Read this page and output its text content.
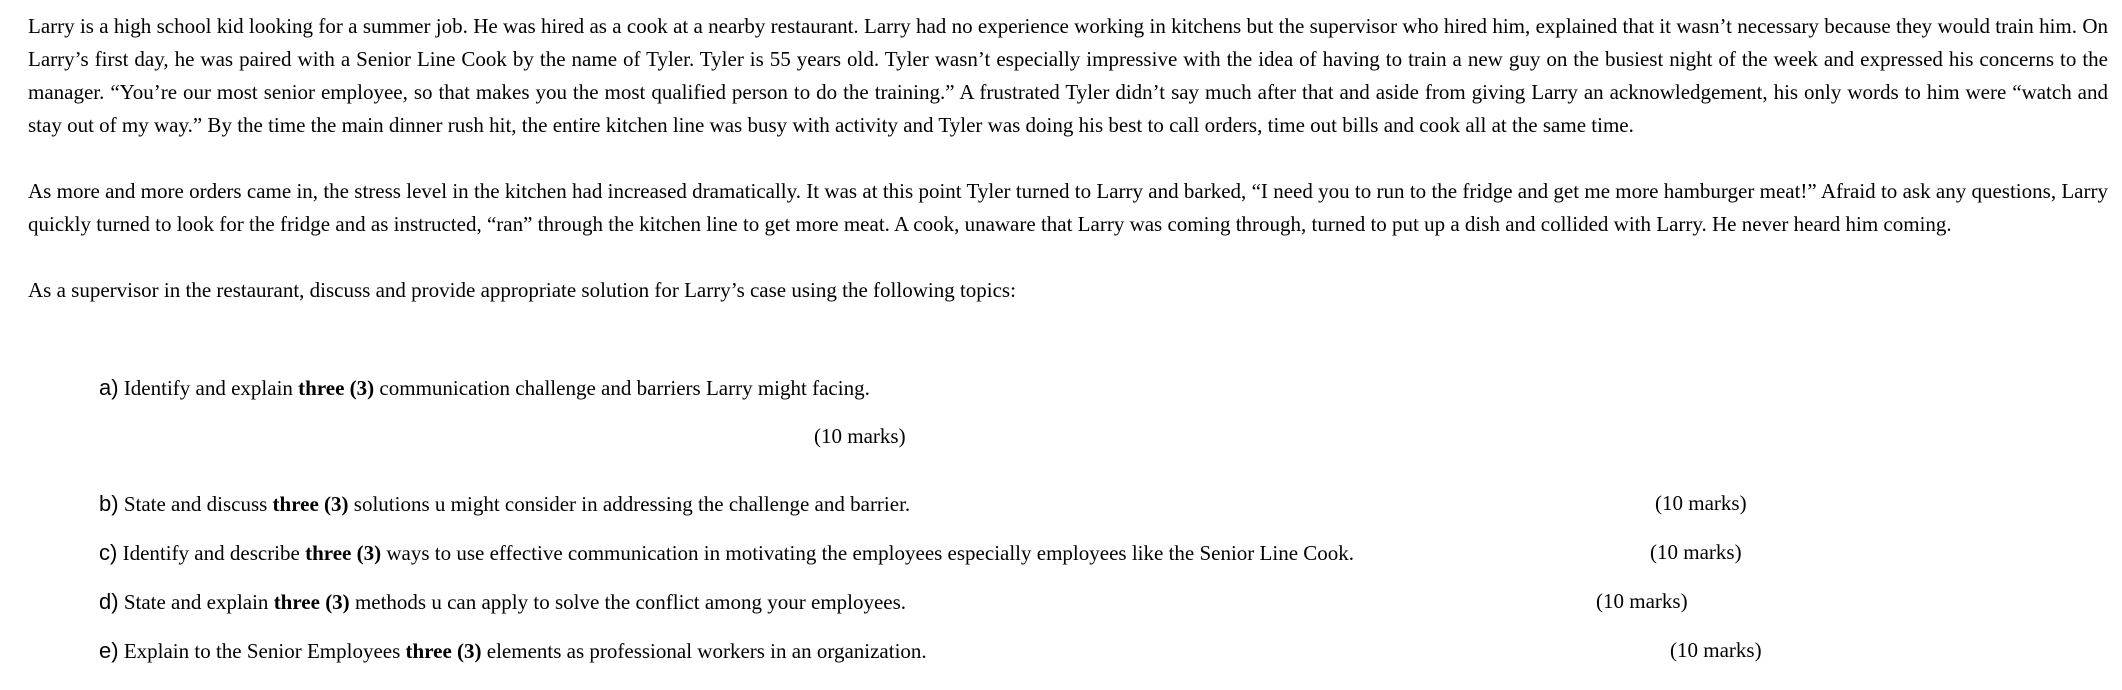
Larry is a high school kid looking for a summer job. He was hired as a cook at a nearby restaurant. Larry had no experience working in kitchens but the supervisor who hired him, explained that it wasn’t necessary because they would train him. On Larry’s first day, he was paired with a Senior Line Cook by the name of Tyler. Tyler is 55 years old. Tyler wasn’t especially impressive with the idea of having to train a new guy on the busiest night of the week and expressed his concerns to the manager. “You’re our most senior employee, so that makes you the most qualified person to do the training.” A frustrated Tyler didn’t say much after that and aside from giving Larry an acknowledgement, his only words to him were “watch and stay out of my way.” By the time the main dinner rush hit, the entire kitchen line was busy with activity and Tyler was doing his best to call orders, time out bills and cook all at the same time.

As more and more orders came in, the stress level in the kitchen had increased dramatically. It was at this point Tyler turned to Larry and barked, “I need you to run to the fridge and get me more hamburger meat!” Afraid to ask any questions, Larry quickly turned to look for the fridge and as instructed, “ran” through the kitchen line to get more meat. A cook, unaware that Larry was coming through, turned to put up a dish and collided with Larry. He never heard him coming.

As a supervisor in the restaurant, discuss and provide appropriate solution for Larry’s case using the following topics:

a) Identify and explain three (3) communication challenge and barriers Larry might facing.
(10 marks)
b) State and discuss three (3) solutions u might consider in addressing the challenge and barrier.	(10 marks)
c) Identify and describe three (3) ways to use effective communication in motivating the employees especially employees like the Senior Line Cook.	(10 marks)
d) State and explain three (3) methods u can apply to solve the conflict among your employees.	(10 marks)
e) Explain to the Senior Employees three (3) elements as professional workers in an organization.	(10 marks)
